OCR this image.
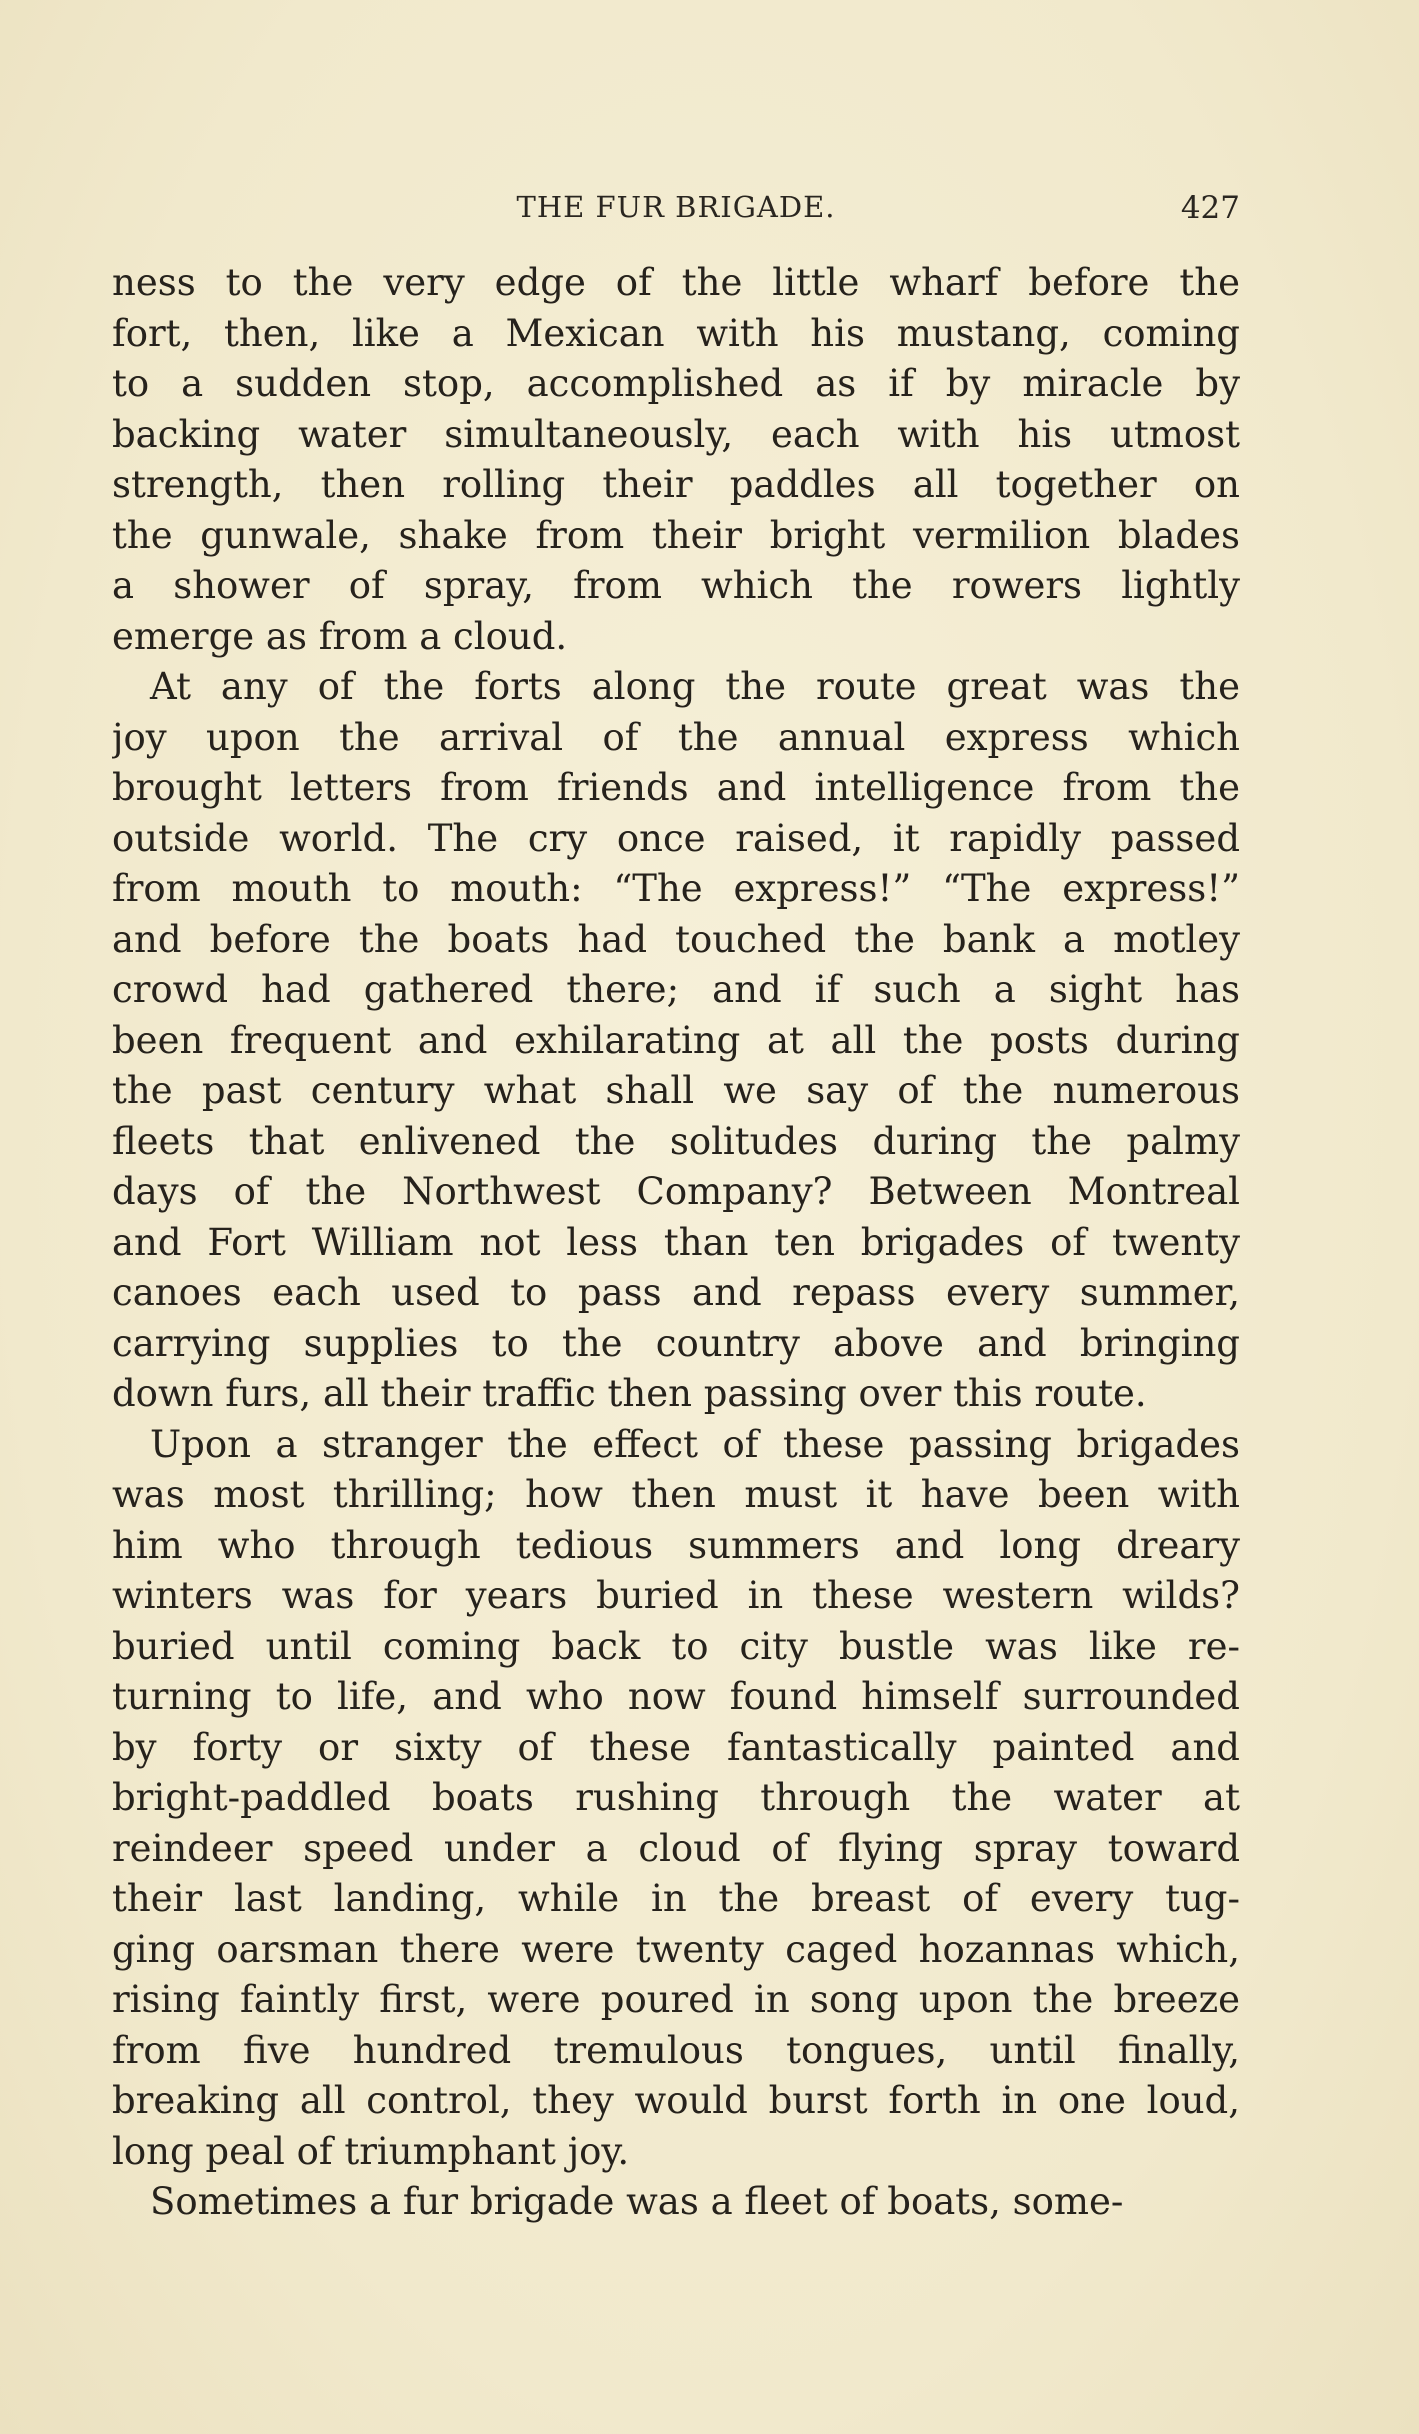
THE FUR BRIGADE.	427
ness to the very edge of the little wharf before the
fort, then, like a Mexican with his mustang, coming
to a sudden stop, accomplished as if by miracle by
backing water simultaneously, each with his utmost
strength, then rolling their paddles all together on
the gunwale, shake from their bright vermilion blades
a shower of spray, from which the rowers lightly
emerge as from a cloud.
At any of the forts along the route great was the
joy upon the arrival of the annual express which
brought letters from friends and intelligence from the
outside world. The cry once raised, it rapidly passed
from mouth to mouth: “The express!” “The express!”
and before the boats had touched the bank a motley
crowd had gathered there; and if such a sight has
been frequent and exhilarating at all the posts during
the past century what shall we say of the numerous
fleets that enlivened the solitudes during the palmy
days of the Northwest Company? Between Montreal
and Fort William not less than ten brigades of twenty
canoes each used to pass and repass every summer,
carrying supplies to the country above and bringing
down furs, all their traffic then passing over this route.
Upon a stranger the effect of these passing brigades
was most thrilling; how then must it have been with
him who through tedious summers and long dreary
winters was for years buried in these western wilds?
buried until coming back to city bustle was like re-
turning to life, and who now found himself surrounded
by forty or sixty of these fantastically painted and
bright-paddled boats rushing through the water at
reindeer speed under a cloud of flying spray toward
their last landing, while in the breast of every tug-
ging oarsman there were twenty caged hozannas which,
rising faintly first, were poured in song upon the breeze
from five hundred tremulous tongues, until finally,
breaking all control, they would burst forth in one loud,
long peal of triumphant joy.
Sometimes a fur brigade was a fleet of boats, some-
